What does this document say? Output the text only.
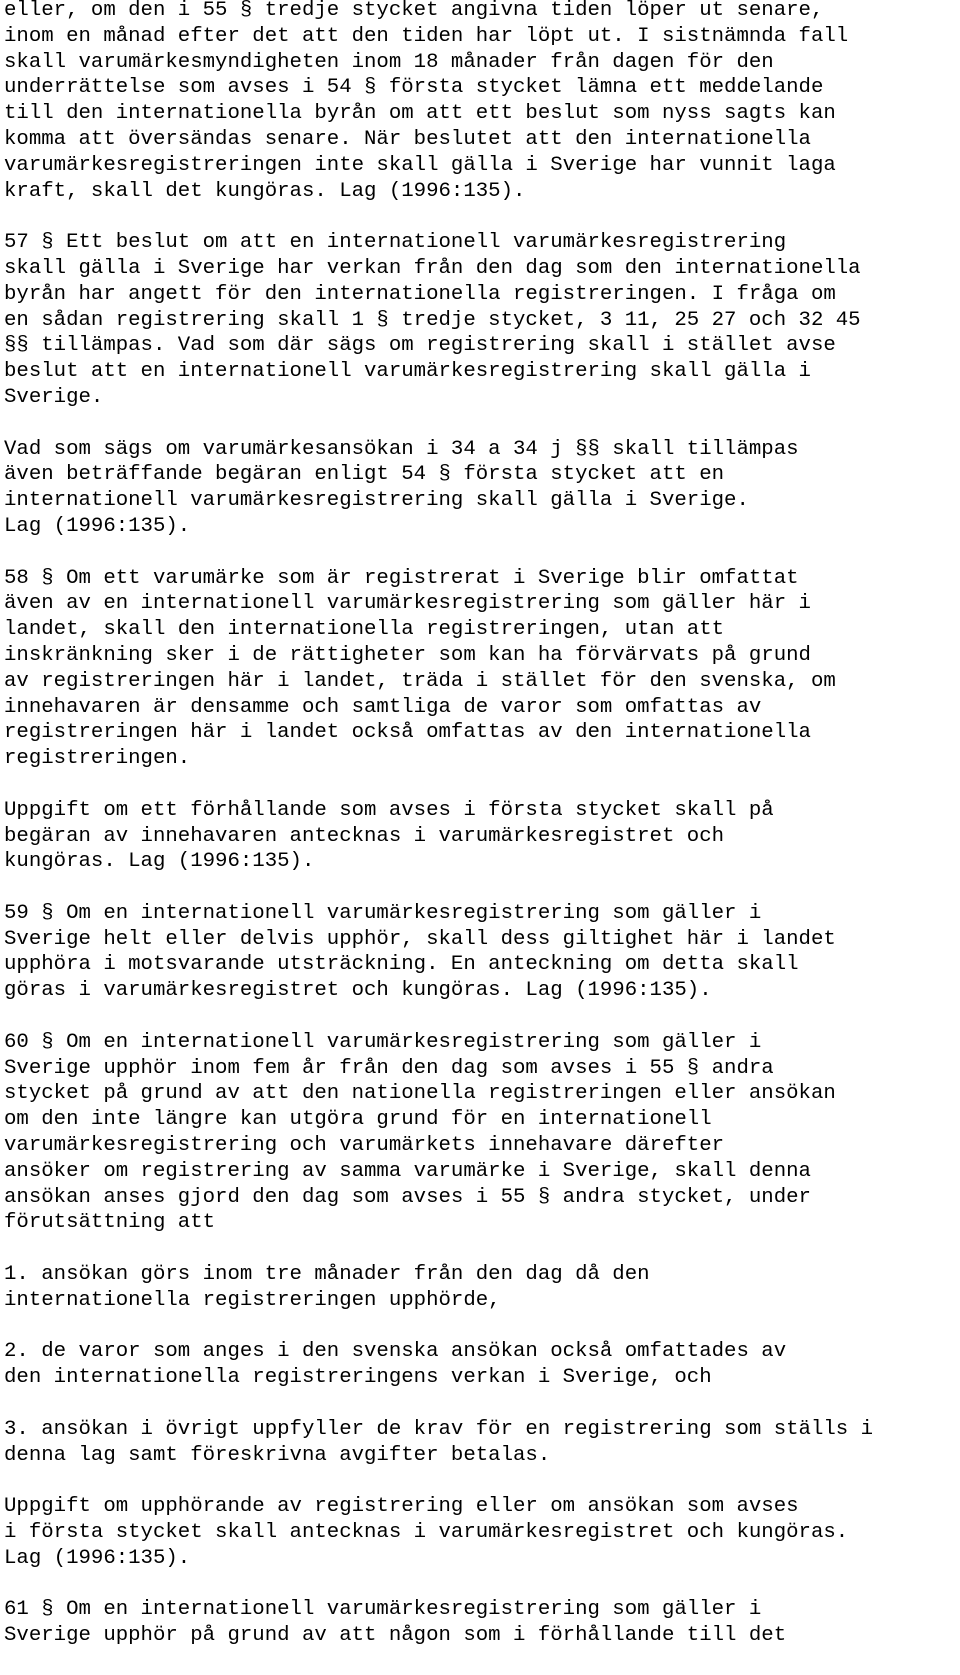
eller, om den i 55 § tredje stycket angivna tiden löper ut senare,
inom en månad efter det att den tiden har löpt ut. I sistnämnda fall
skall varumärkesmyndigheten inom 18 månader från dagen för den
underrättelse som avses i 54 § första stycket lämna ett meddelande
till den internationella byrån om att ett beslut som nyss sagts kan
komma att översändas senare. När beslutet att den internationella
varumärkesregistreringen inte skall gälla i Sverige har vunnit laga
kraft, skall det kungöras. Lag (1996:135).
57 § Ett beslut om att en internationell varumärkesregistrering
skall gälla i Sverige har verkan från den dag som den internationella
byrån har angett för den internationella registreringen. I fråga om
en sådan registrering skall 1 § tredje stycket, 3 11, 25 27 och 32 45
§§ tillämpas. Vad som där sägs om registrering skall i stället avse
beslut att en internationell varumärkesregistrering skall gälla i
Sverige.
Vad som sägs om varumärkesansökan i 34 a 34 j §§ skall tillämpas
även beträffande begäran enligt 54 § första stycket att en
internationell varumärkesregistrering skall gälla i Sverige.
Lag (1996:135).
58 § Om ett varumärke som är registrerat i Sverige blir omfattat
även av en internationell varumärkesregistrering som gäller här i
landet, skall den internationella registreringen, utan att
inskränkning sker i de rättigheter som kan ha förvärvats på grund
av registreringen här i landet, träda i stället för den svenska, om
innehavaren är densamme och samtliga de varor som omfattas av
registreringen här i landet också omfattas av den internationella
registreringen.
Uppgift om ett förhållande som avses i första stycket skall på
begäran av innehavaren antecknas i varumärkesregistret och
kungöras. Lag (1996:135).
59 § Om en internationell varumärkesregistrering som gäller i
Sverige helt eller delvis upphör, skall dess giltighet här i landet
upphöra i motsvarande utsträckning. En anteckning om detta skall
göras i varumärkesregistret och kungöras. Lag (1996:135).
60 § Om en internationell varumärkesregistrering som gäller i
Sverige upphör inom fem år från den dag som avses i 55 § andra
stycket på grund av att den nationella registreringen eller ansökan
om den inte längre kan utgöra grund för en internationell
varumärkesregistrering och varumärkets innehavare därefter
ansöker om registrering av samma varumärke i Sverige, skall denna
ansökan anses gjord den dag som avses i 55 § andra stycket, under
förutsättning att
1. ansökan görs inom tre månader från den dag då den
internationella registreringen upphörde,
2. de varor som anges i den svenska ansökan också omfattades av
den internationella registreringens verkan i Sverige, och
3. ansökan i övrigt uppfyller de krav för en registrering som ställs i
denna lag samt föreskrivna avgifter betalas.
Uppgift om upphörande av registrering eller om ansökan som avses
i första stycket skall antecknas i varumärkesregistret och kungöras.
Lag (1996:135).
61 § Om en internationell varumärkesregistrering som gäller i
Sverige upphör på grund av att någon som i förhållande till det
